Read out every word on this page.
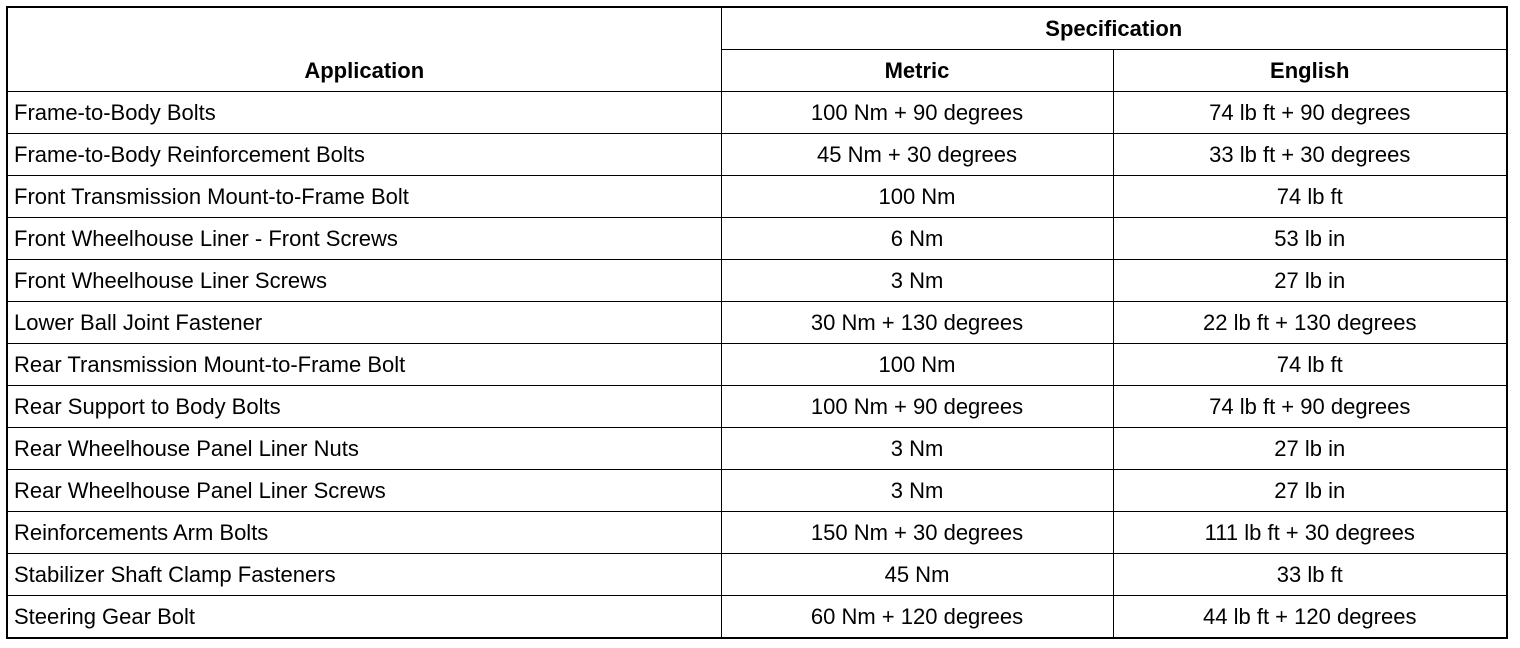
Application	Specification	
	Metric	English
Frame-to-Body Bolts	100 Nm + 90 degrees	74 lb ft + 90 degrees
Frame-to-Body Reinforcement Bolts	45 Nm + 30 degrees	33 lb ft + 30 degrees
Front Transmission Mount-to-Frame Bolt	100 Nm	74 lb ft
Front Wheelhouse Liner - Front Screws	6 Nm	53 lb in
Front Wheelhouse Liner Screws	3 Nm	27 lb in
Lower Ball Joint Fastener	30 Nm + 130 degrees	22 lb ft + 130 degrees
Rear Transmission Mount-to-Frame Bolt	100 Nm	74 lb ft
Rear Support to Body Bolts	100 Nm + 90 degrees	74 lb ft + 90 degrees
Rear Wheelhouse Panel Liner Nuts	3 Nm	27 lb in
Rear Wheelhouse Panel Liner Screws	3 Nm	27 lb in
Reinforcements Arm Bolts	150 Nm + 30 degrees	111 lb ft + 30 degrees
Stabilizer Shaft Clamp Fasteners	45 Nm	33 lb ft
Steering Gear Bolt	60 Nm + 120 degrees	44 lb ft + 120 degrees
